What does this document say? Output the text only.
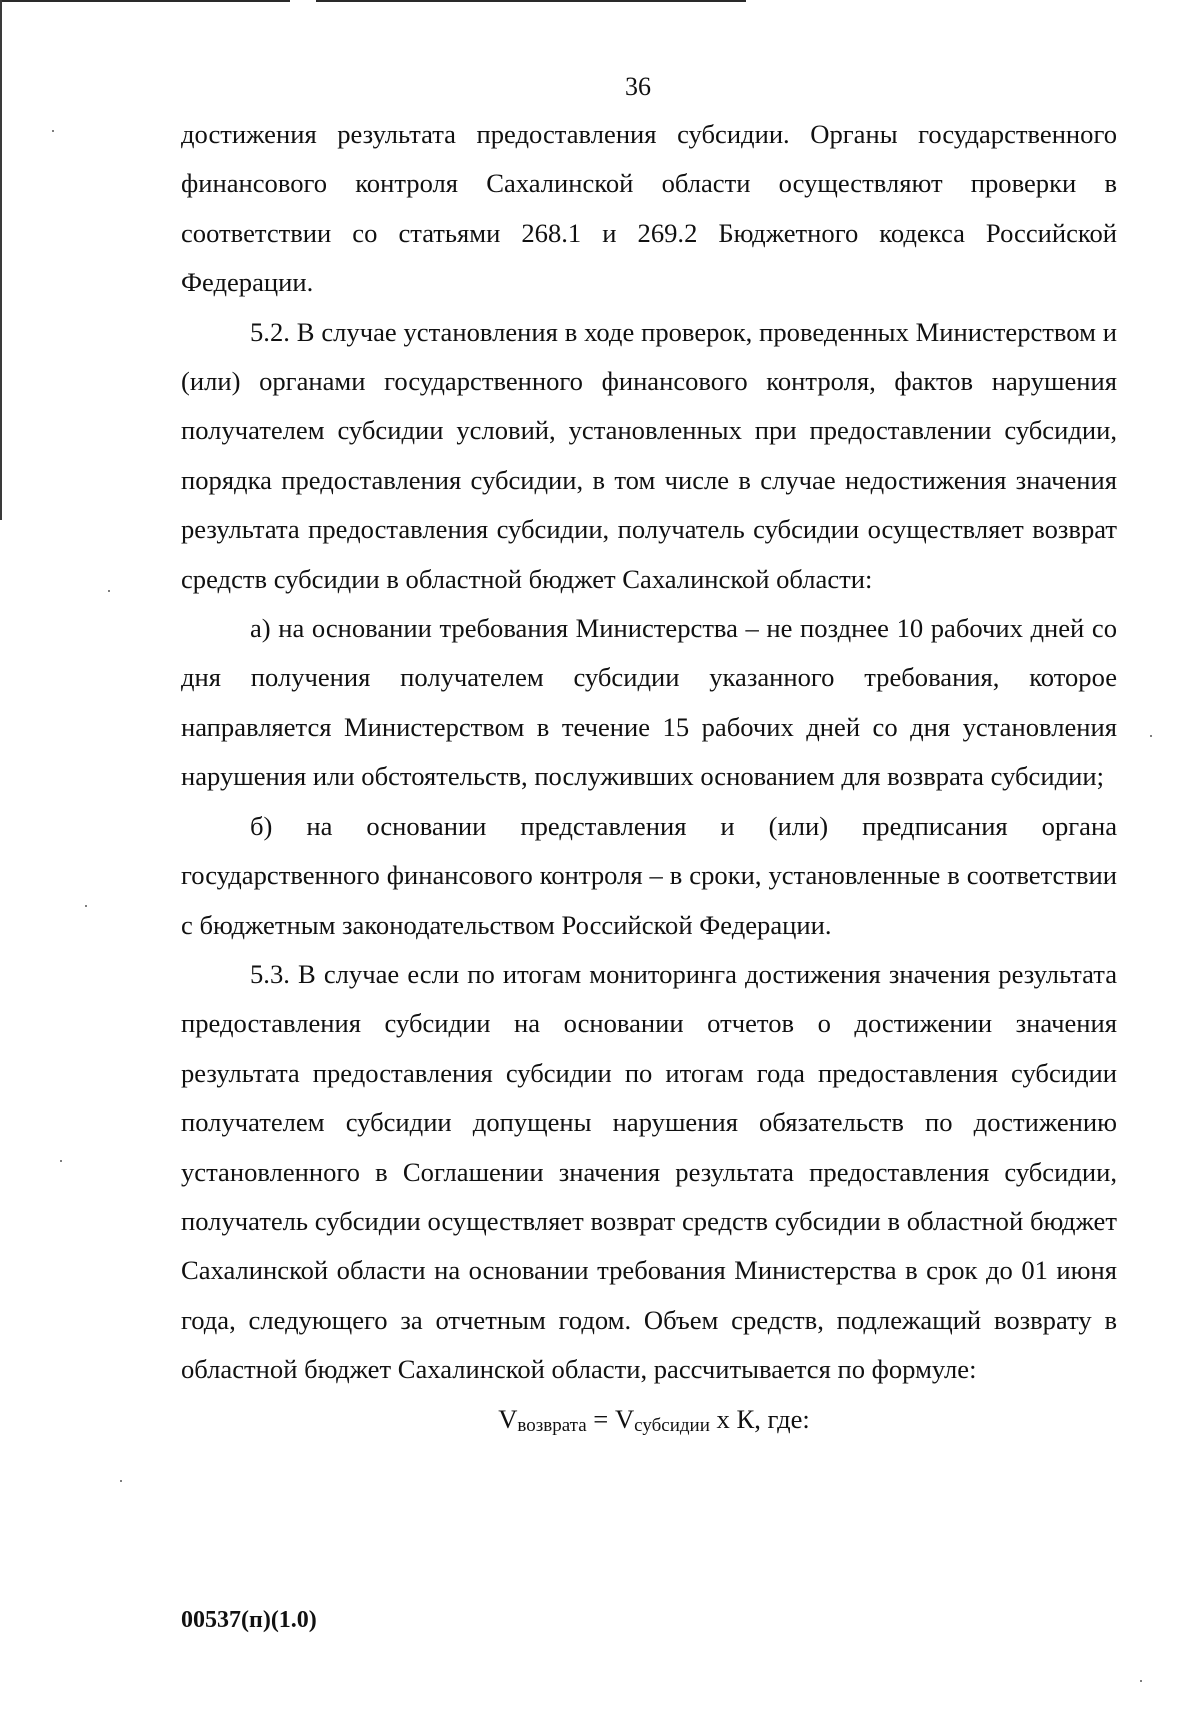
36

достижения результата предоставления субсидии. Органы государственного финансового контроля Сахалинской области осуществляют проверки в соответствии со статьями 268.1 и 269.2 Бюджетного кодекса Российской Федерации.

5.2. В случае установления в ходе проверок, проведенных Министерством и (или) органами государственного финансового контроля, фактов нарушения получателем субсидии условий, установленных при предоставлении субсидии, порядка предоставления субсидии, в том числе в случае недостижения значения результата предоставления субсидии, получатель субсидии осуществляет возврат средств субсидии в областной бюджет Сахалинской области:

а) на основании требования Министерства – не позднее 10 рабочих дней со дня получения получателем субсидии указанного требования, которое направляется Министерством в течение 15 рабочих дней со дня установления нарушения или обстоятельств, послуживших основанием для возврата субсидии;

б) на основании представления и (или) предписания органа государственного финансового контроля – в сроки, установленные в соответствии с бюджетным законодательством Российской Федерации.

5.3. В случае если по итогам мониторинга достижения значения результата предоставления субсидии на основании отчетов о достижении значения результата предоставления субсидии по итогам года предоставления субсидии получателем субсидии допущены нарушения обязательств по достижению установленного в Соглашении значения результата предоставления субсидии, получатель субсидии осуществляет возврат средств субсидии в областной бюджет Сахалинской области на основании требования Министерства в срок до 01 июня года, следующего за отчетным годом. Объем средств, подлежащий возврату в областной бюджет Сахалинской области, рассчитывается по формуле:

$V_{возврата} = V_{субсидии}$ x К, где:

00537(п)(1.0)
